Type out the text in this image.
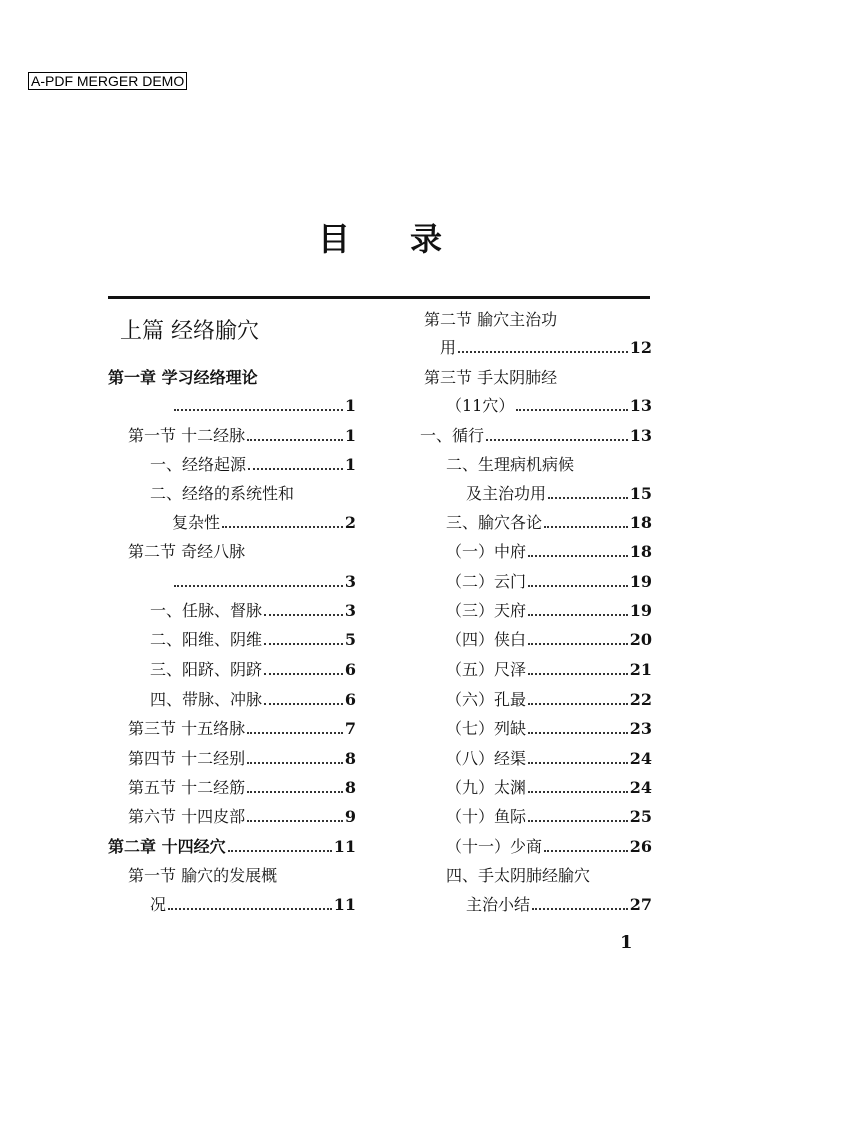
A-PDF MERGER DEMO
目 录
上篇 经络腧穴
第一章 学习经络理论
1
第一节 十二经脉	1
一、经络起源	1
二、经络的系统性和
复杂性	2
第二节 奇经八脉
3
一、任脉、督脉	3
二、阳维、阴维	5
三、阳跻、阴跻	6
四、带脉、冲脉	6
第三节 十五络脉	7
第四节 十二经别	8
第五节 十二经筋	8
第六节 十四皮部	9
第二章 十四经穴	11
第一节 腧穴的发展概
况	11
第二节 腧穴主治功
用	12
第三节 手太阴肺经
（11穴）	13
一、循行	13
二、生理病机病候
及主治功用	15
三、腧穴各论	18
（一）中府	18
（二）云门	19
（三）天府	19
（四）侠白	20
（五）尺泽	21
（六）孔最	22
（七）列缺	23
（八）经渠	24
（九）太渊	24
（十）鱼际	25
（十一）少商	26
四、手太阴肺经腧穴
主治小结	27
1
